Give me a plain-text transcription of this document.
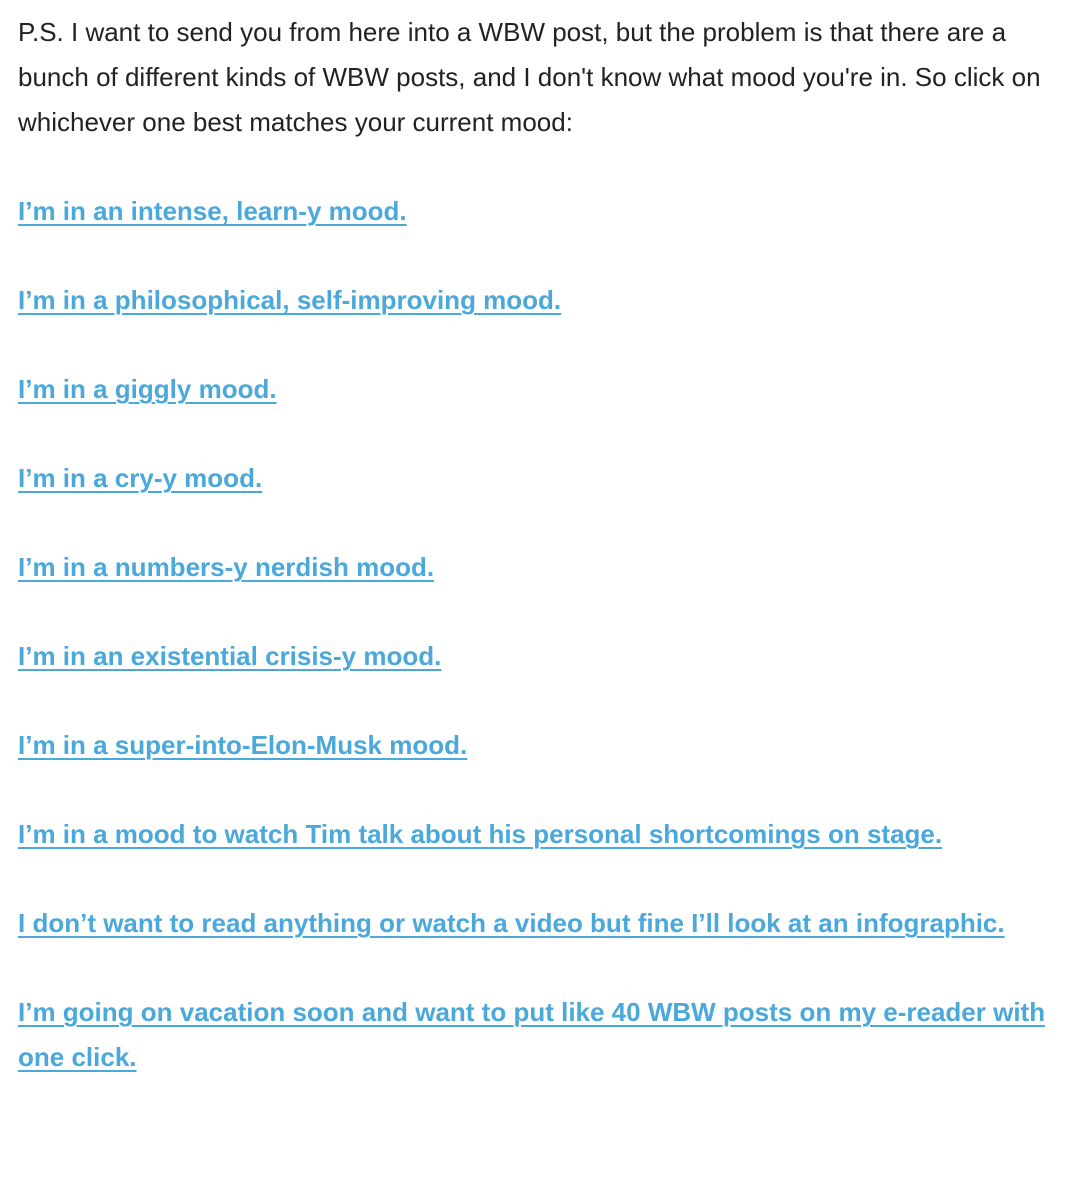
P.S. I want to send you from here into a WBW post, but the problem is that there are a bunch of different kinds of WBW posts, and I don't know what mood you're in. So click on whichever one best matches your current mood:

I’m in an intense, learn-y mood.
I’m in a philosophical, self-improving mood.
I’m in a giggly mood.
I’m in a cry-y mood.
I’m in a numbers-y nerdish mood.
I’m in an existential crisis-y mood.
I’m in a super-into-Elon-Musk mood.
I’m in a mood to watch Tim talk about his personal shortcomings on stage.
I don’t want to read anything or watch a video but fine I’ll look at an infographic.
I’m going on vacation soon and want to put like 40 WBW posts on my e-reader with one click.
